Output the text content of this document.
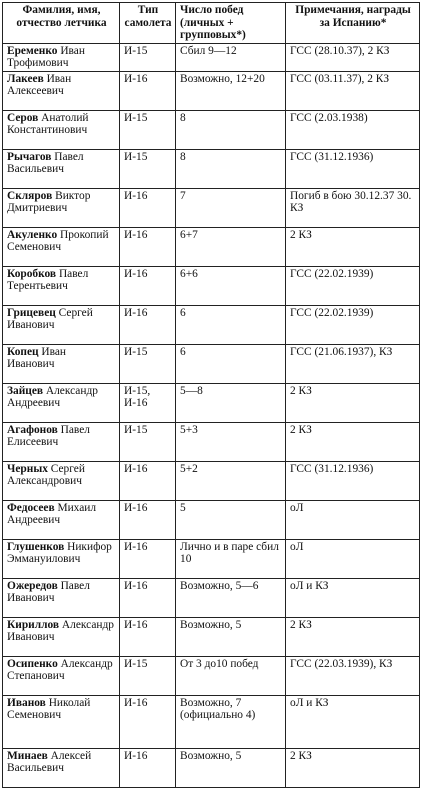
Фамилия, имя, отчество летчика	Тип самолета	Число побед (личных + групповых*)	Примечания, награды за Испанию*
Еременко Иван Трофимович	И-15	Сбил 9—12	ГСС (28.10.37), 2 КЗ
Лакеев Иван Алексеевич	И-16	Возможно, 12+20	ГСС (03.11.37), 2 КЗ
Серов Анатолий Константинович	И-15	8	ГСС (2.03.1938)
Рычагов Павел Васильевич	И-15	8	ГСС (31.12.1936)
Скляров Виктор Дмитриевич	И-16	7	Погиб в бою 30.12.37 30. КЗ
Акуленко Прокопий Семенович	И-16	6+7	2 КЗ
Коробков Павел Терентьевич	И-16	6+6	ГСС (22.02.1939)
Грицевец Сергей Иванович	И-16	6	ГСС (22.02.1939)
Копец Иван Иванович	И-15	6	ГСС (21.06.1937), КЗ
Зайцев Александр Андреевич	И-15, И-16	5—8	2 КЗ
Агафонов Павел Елисеевич	И-15	5+3	2 КЗ
Черных Сергей Александрович	И-16	5+2	ГСС (31.12.1936)
Федосеев Михаил Андреевич	И-16	5	оЛ
Глушенков Никифор Эммануилович	И-16	Лично и в паре сбил 10	оЛ
Ожередов Павел Иванович	И-16	Возможно, 5—6	оЛ и КЗ
Кириллов Александр Иванович	И-16	Возможно, 5	2 КЗ
Осипенко Александр Степанович	И-15	От 3 до10 побед	ГСС (22.03.1939), КЗ
Иванов Николай Семенович	И-16	Возможно, 7 (официально 4)	оЛ и КЗ
Минаев Алексей Васильевич	И-16	Возможно, 5	2 КЗ
